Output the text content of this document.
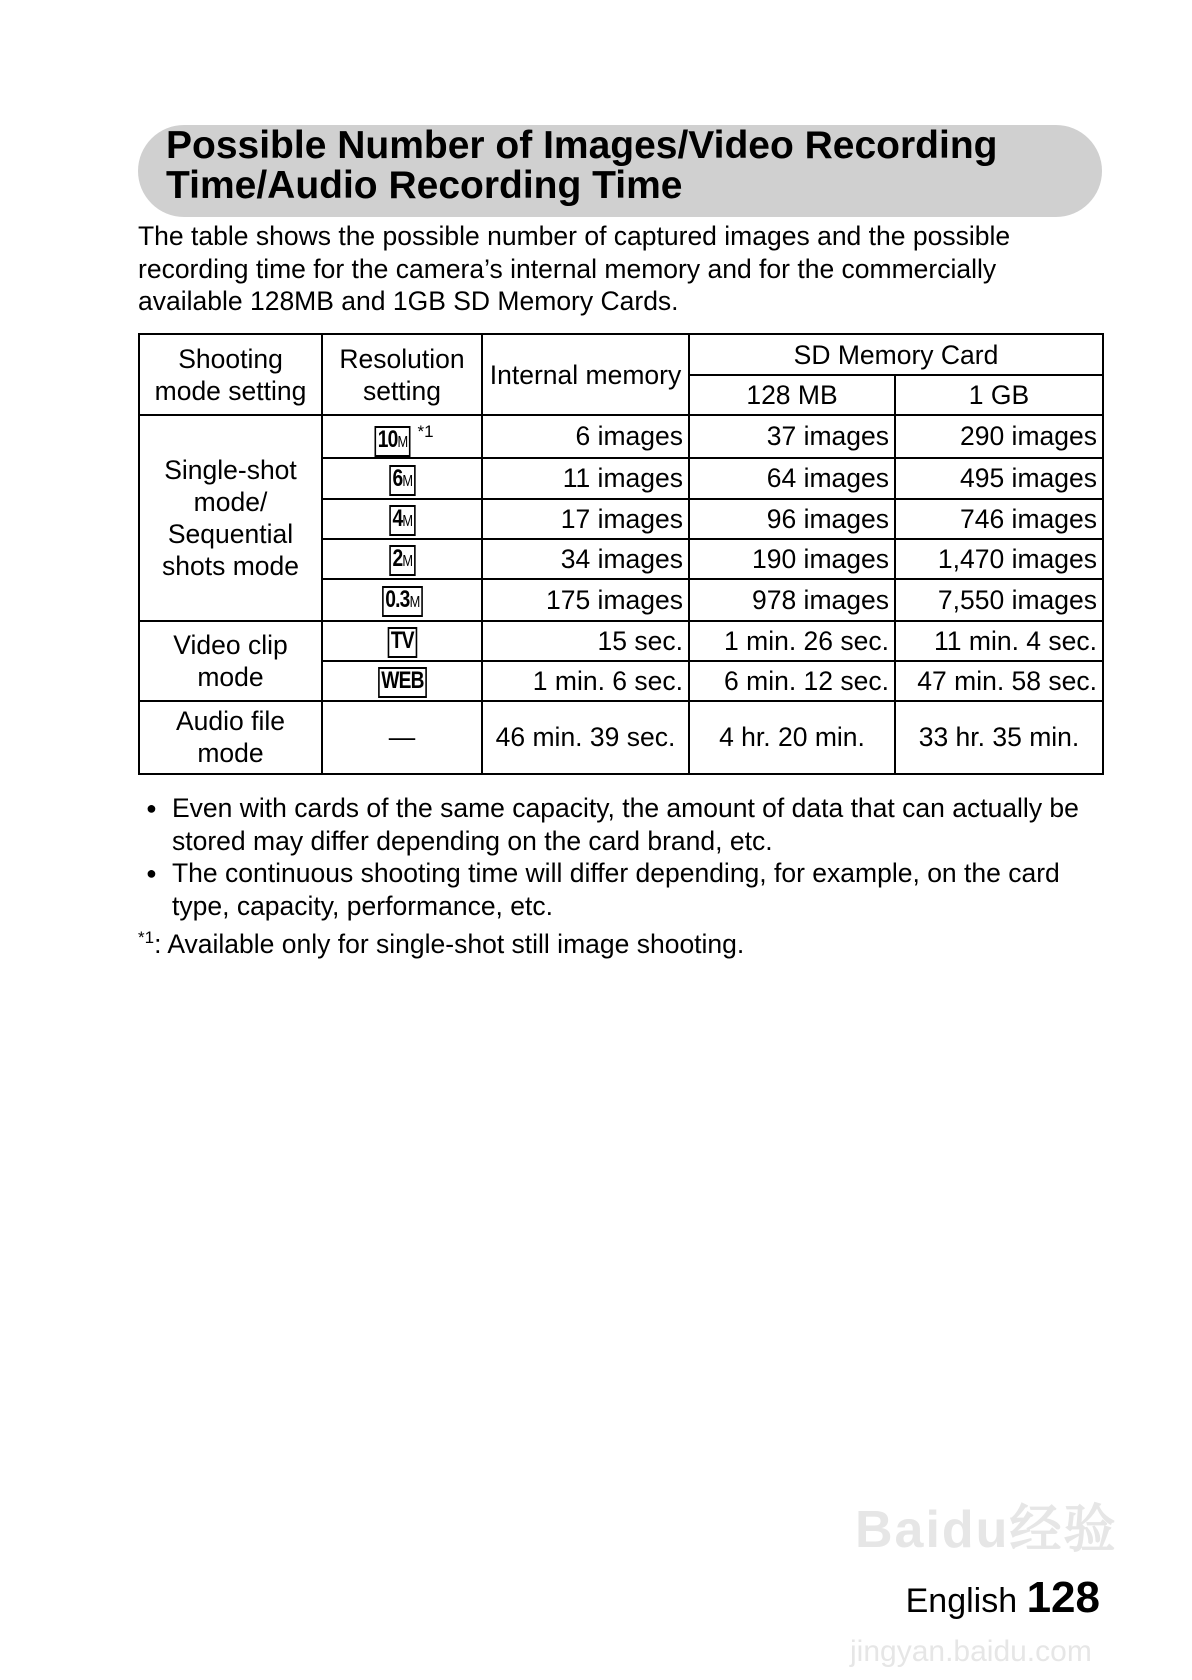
Possible Number of Images/Video Recording Time/Audio Recording Time
The table shows the possible number of captured images and the possible recording time for the camera’s internal memory and for the commercially available 128MB and 1GB SD Memory Cards.
Shooting mode setting	Resolution setting	Internal memory	SD Memory Card	
			128 MB	1 GB
Single-shot mode/ Sequential shots mode	$10M^{*1}$	6 images	37 images	290 images
	6M	11 images	64 images	495 images
	4M	17 images	96 images	746 images
	2M	34 images	190 images	1,470 images
	0.3M	175 images	978 images	7,550 images
Video clip mode	TV	15 sec.	1 min. 26 sec.	11 min. 4 sec.
	WEB	1 min. 6 sec.	6 min. 12 sec.	47 min. 58 sec.
Audio file mode	—	46 min. 39 sec.	4 hr. 20 min.	33 hr. 35 min.
● Even with cards of the same capacity, the amount of data that can actually be stored may differ depending on the card brand, etc.
● The continuous shooting time will differ depending, for example, on the card type, capacity, performance, etc.
$^{*1}$: Available only for single-shot still image shooting.
Baidu经验
jingyan.baidu.com
English 128
